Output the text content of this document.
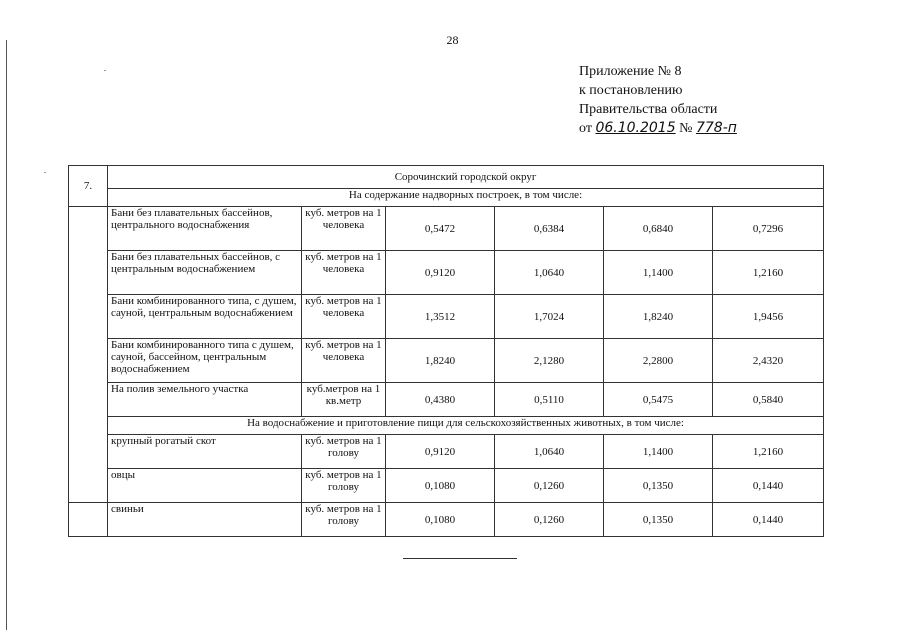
28
Приложение № 8
к постановлению
Правительства области
от 06.10.2015 № 778-п
7.	Сорочинский городской округ					
	На содержание надворных построек, в том числе:					
	Бани без плавательных бассейнов, центрального водоснабжения	куб. метров на 1 человека	0,5472	0,6384	0,6840	0,7296
	Бани без плавательных бассейнов, с центральным водоснабжением	куб. метров на 1 человека	0,9120	1,0640	1,1400	1,2160
	Бани комбинированного типа, с душем, сауной, центральным водоснабжением	куб. метров на 1 человека	1,3512	1,7024	1,8240	1,9456
	Бани комбинированного типа с душем, сауной, бассейном, центральным водоснабжением	куб. метров на 1 человека	1,8240	2,1280	2,2800	2,4320
	На полив земельного участка	куб.метров на 1 кв.метр	0,4380	0,5110	0,5475	0,5840
	На водоснабжение и приготовление пищи для сельскохозяйственных животных, в том числе:					
	крупный рогатый скот	куб. метров на 1 голову	0,9120	1,0640	1,1400	1,2160
	овцы	куб. метров на 1 голову	0,1080	0,1260	0,1350	0,1440
	свиньи	куб. метров на 1 голову	0,1080	0,1260	0,1350	0,1440
